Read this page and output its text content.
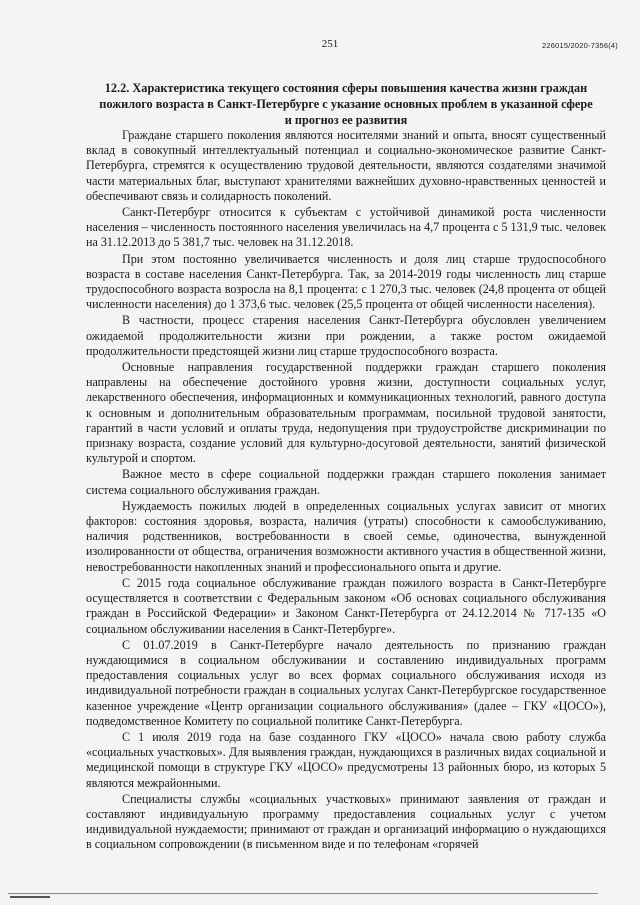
251	226015/2020-7356(4)
12.2. Характеристика текущего состояния сферы повышения качества жизни граждан пожилого возраста в Санкт-Петербурге с указание основных проблем в указанной сфере и прогноз ее развития

Граждане старшего поколения являются носителями знаний и опыта, вносят существенный вклад в совокупный интеллектуальный потенциал и социально-экономическое развитие Санкт-Петербурга, стремятся к осуществлению трудовой деятельности, являются создателями значимой части материальных благ, выступают хранителями важнейших духовно-нравственных ценностей и обеспечивают связь и солидарность поколений.

Санкт-Петербург относится к субъектам с устойчивой динамикой роста численности населения – численность постоянного населения увеличилась на 4,7 процента с 5 131,9 тыс. человек на 31.12.2013 до 5 381,7 тыс. человек на 31.12.2018.

При этом постоянно увеличивается численность и доля лиц старше трудоспособного возраста в составе населения Санкт-Петербурга. Так, за 2014-2019 годы численность лиц старше трудоспособного возраста возросла на 8,1 процента: с 1 270,3 тыс. человек (24,8 процента от общей численности населения) до 1 373,6 тыс. человек (25,5 процента от общей численности населения).

В частности, процесс старения населения Санкт-Петербурга обусловлен увеличением ожидаемой продолжительности жизни при рождении, а также ростом ожидаемой продолжительности предстоящей жизни лиц старше трудоспособного возраста.

Основные направления государственной поддержки граждан старшего поколения направлены на обеспечение достойного уровня жизни, доступности социальных услуг, лекарственного обеспечения, информационных и коммуникационных технологий, равного доступа к основным и дополнительным образовательным программам, посильной трудовой занятости, гарантий в части условий и оплаты труда, недопущения при трудоустройстве дискриминации по признаку возраста, создание условий для культурно-досуговой деятельности, занятий физической культурой и спортом.

Важное место в сфере социальной поддержки граждан старшего поколения занимает система социального обслуживания граждан.

Нуждаемость пожилых людей в определенных социальных услугах зависит от многих факторов: состояния здоровья, возраста, наличия (утраты) способности к самообслуживанию, наличия родственников, востребованности в своей семье, одиночества, вынужденной изолированности от общества, ограничения возможности активного участия в общественной жизни, невостребованности накопленных знаний и профессионального опыта и другие.

С 2015 года социальное обслуживание граждан пожилого возраста в Санкт-Петербурге осуществляется в соответствии с Федеральным законом «Об основах социального обслуживания граждан в Российской Федерации» и Законом Санкт-Петербурга от 24.12.2014 № 717-135 «О социальном обслуживании населения в Санкт-Петербурге».

С 01.07.2019 в Санкт-Петербурге начало деятельность по признанию граждан нуждающимися в социальном обслуживании и составлению индивидуальных программ предоставления социальных услуг во всех формах социального обслуживания исходя из индивидуальной потребности граждан в социальных услугах Санкт-Петербургское государственное казенное учреждение «Центр организации социального обслуживания» (далее – ГКУ «ЦОСО»), подведомственное Комитету по социальной политике Санкт-Петербурга.

С 1 июля 2019 года на базе созданного ГКУ «ЦОСО» начала свою работу служба «социальных участковых». Для выявления граждан, нуждающихся в различных видах социальной и медицинской помощи в структуре ГКУ «ЦОСО» предусмотрены 13 районных бюро, из которых 5 являются межрайонными.

Специалисты службы «социальных участковых» принимают заявления от граждан и составляют индивидуальную программу предоставления социальных услуг с учетом индивидуальной нуждаемости; принимают от граждан и организаций информацию о нуждающихся в социальном сопровождении (в письменном виде и по телефонам «горячей
